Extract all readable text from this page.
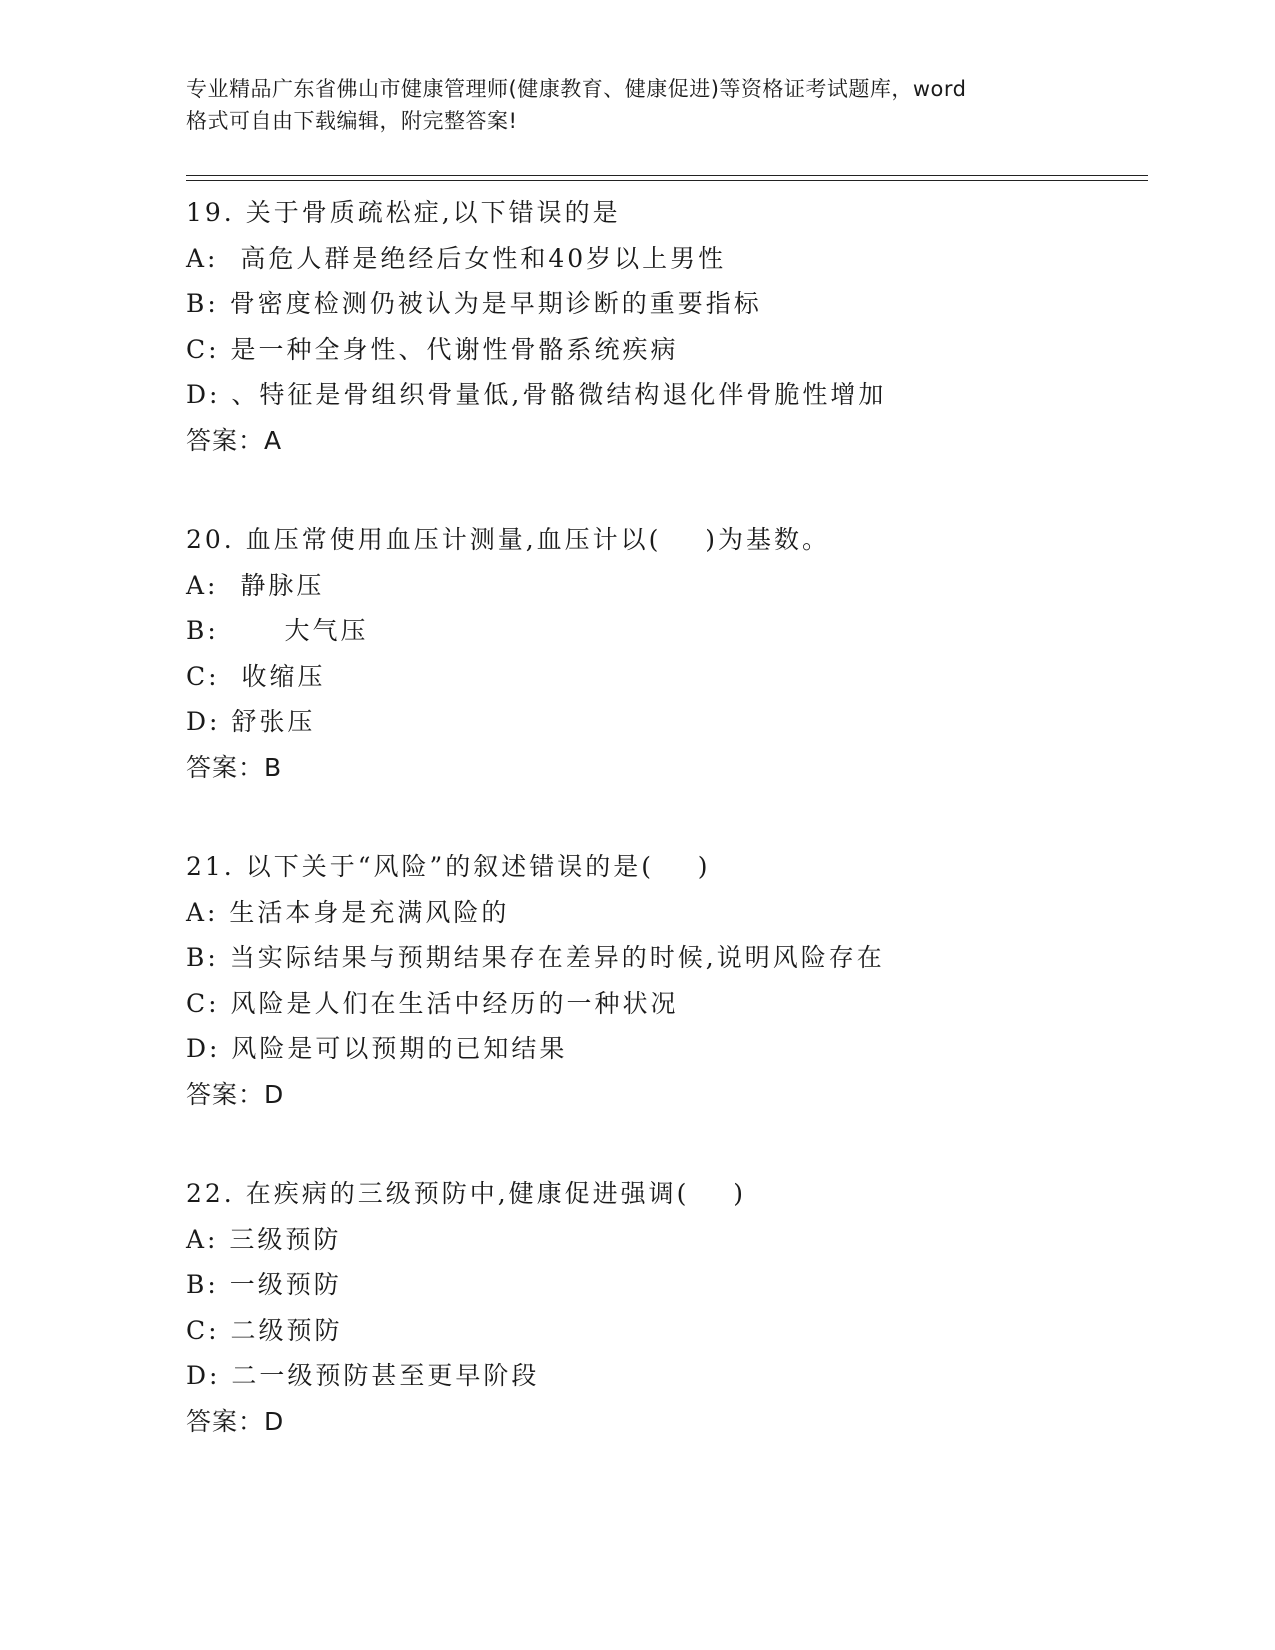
专业精品广东省佛山市健康管理师(健康教育、健康促进)等资格证考试题库，word
格式可自由下载编辑，附完整答案!
19. 关于骨质疏松症,以下错误的是
A:  高危人群是绝经后女性和40岁以上男性
B: 骨密度检测仍被认为是早期诊断的重要指标
C: 是一种全身性、代谢性骨骼系统疾病
D: 、特征是骨组织骨量低,骨骼微结构退化伴骨脆性增加
答案：A
20. 血压常使用血压计测量,血压计以(    )为基数。
A:  静脉压
B:      大气压
C:  收缩压
D: 舒张压
答案：B
21. 以下关于“风险”的叙述错误的是(    )
A: 生活本身是充满风险的
B: 当实际结果与预期结果存在差异的时候,说明风险存在
C: 风险是人们在生活中经历的一种状况
D: 风险是可以预期的已知结果
答案：D
22. 在疾病的三级预防中,健康促进强调(    )
A: 三级预防
B: 一级预防
C: 二级预防
D: 二一级预防甚至更早阶段
答案：D
